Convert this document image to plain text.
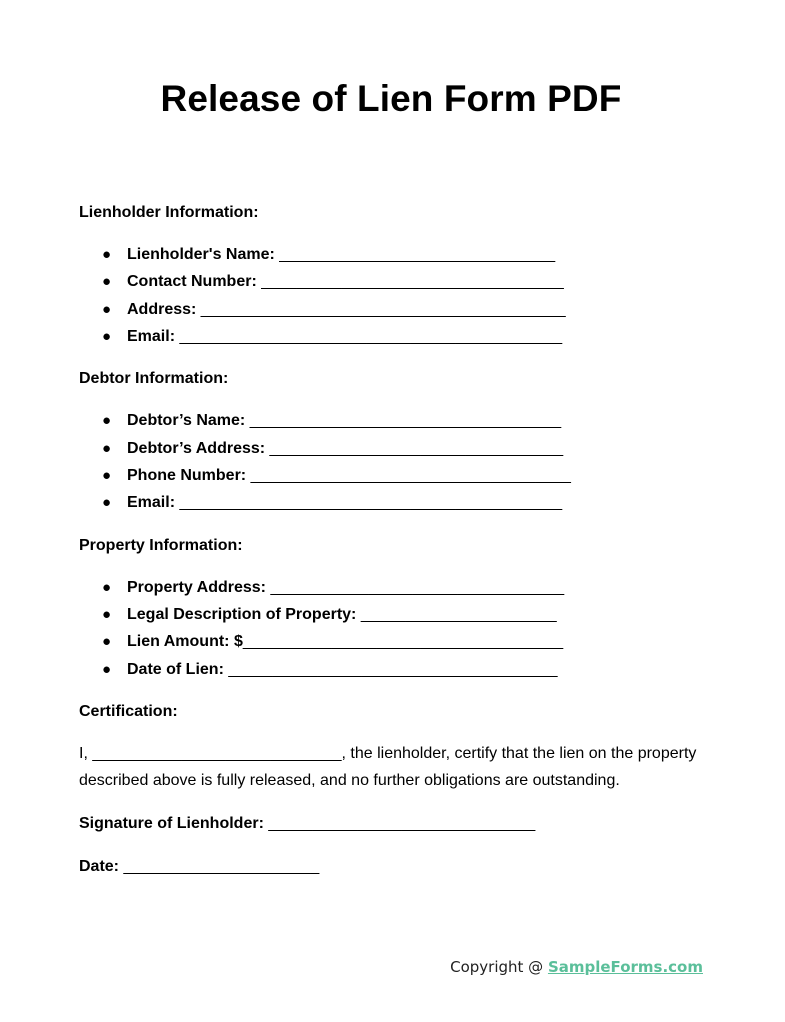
Release of Lien Form PDF
Lienholder Information:
● Lienholder's Name: _______________________________
● Contact Number: __________________________________
● Address: _________________________________________
● Email: ___________________________________________
Debtor Information:
● Debtor’s Name: ___________________________________
● Debtor’s Address: _________________________________
● Phone Number: ____________________________________
● Email: ___________________________________________
Property Information:
● Property Address: _________________________________
● Legal Description of Property: ______________________
● Lien Amount: $____________________________________
● Date of Lien: _____________________________________
Certification:

I, ____________________________, the lienholder, certify that the lien on the property described above is fully released, and no further obligations are outstanding.

Signature of Lienholder: ______________________________
Date: ______________________
Copyright @ SampleForms.com
